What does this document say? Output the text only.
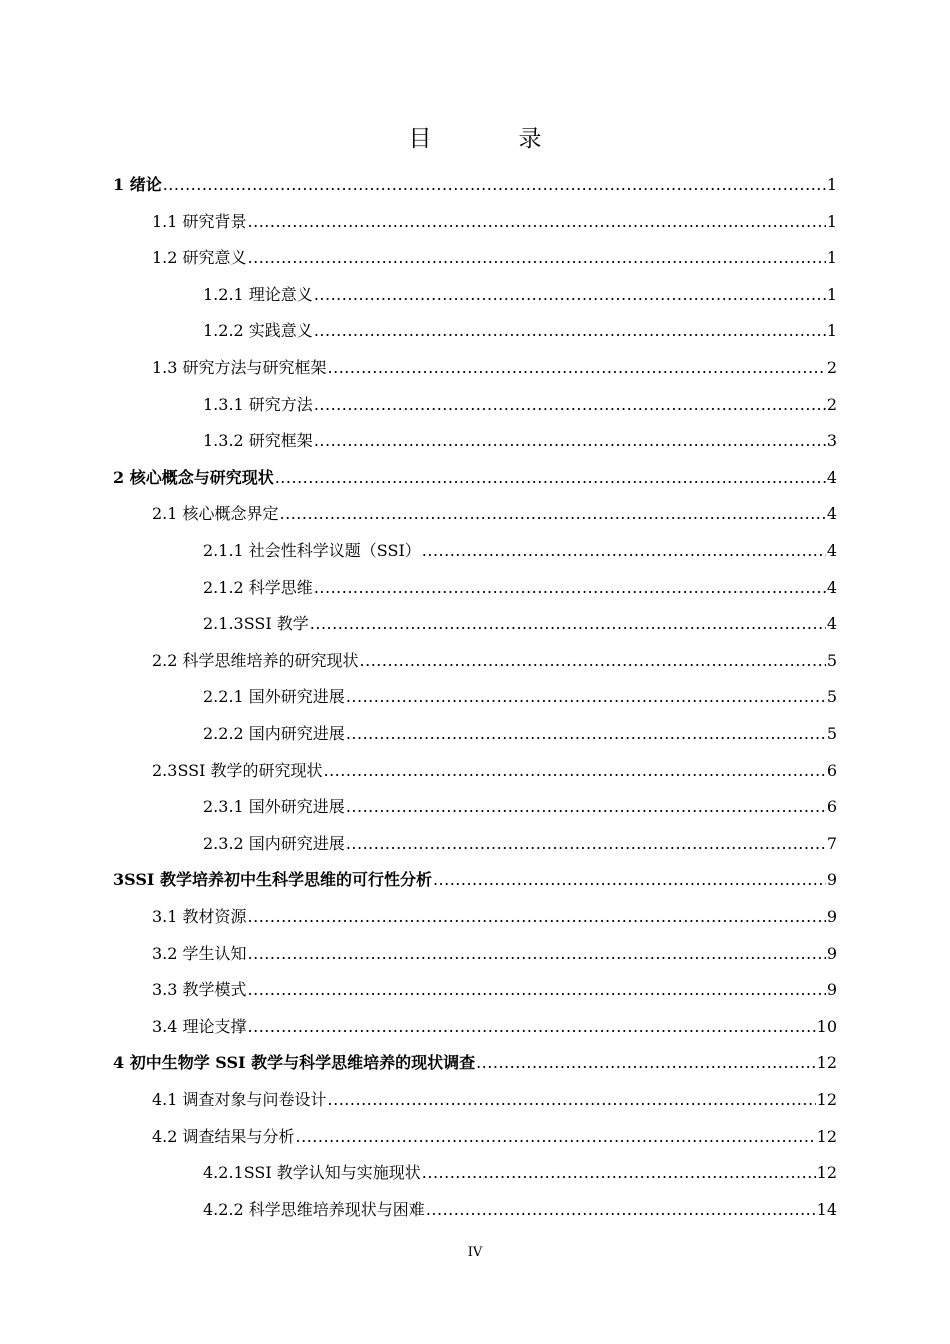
目　录
1 绪论 .....	1
1.1 研究背景 .....	1
1.2 研究意义 .....	1
1.2.1 理论意义 .....	1
1.2.2 实践意义 .....	1
1.3 研究方法与研究框架 .....	2
1.3.1 研究方法 .....	2
1.3.2 研究框架 .....	3
2 核心概念与研究现状 .....	4
2.1 核心概念界定 .....	4
2.1.1 社会性科学议题（SSI） .....	4
2.1.2 科学思维 .....	4
2.1.3SSI 教学 .....	4
2.2 科学思维培养的研究现状 .....	5
2.2.1 国外研究进展 .....	5
2.2.2 国内研究进展 .....	5
2.3SSI 教学的研究现状 .....	6
2.3.1 国外研究进展 .....	6
2.3.2 国内研究进展 .....	7
3SSI 教学培养初中生科学思维的可行性分析 .....	9
3.1 教材资源 .....	9
3.2 学生认知 .....	9
3.3 教学模式 .....	9
3.4 理论支撑 .....	10
4 初中生物学 SSI 教学与科学思维培养的现状调查 .....	12
4.1 调查对象与问卷设计 .....	12
4.2 调查结果与分析 .....	12
4.2.1SSI 教学认知与实施现状 .....	12
4.2.2 科学思维培养现状与困难 .....	14
IV
